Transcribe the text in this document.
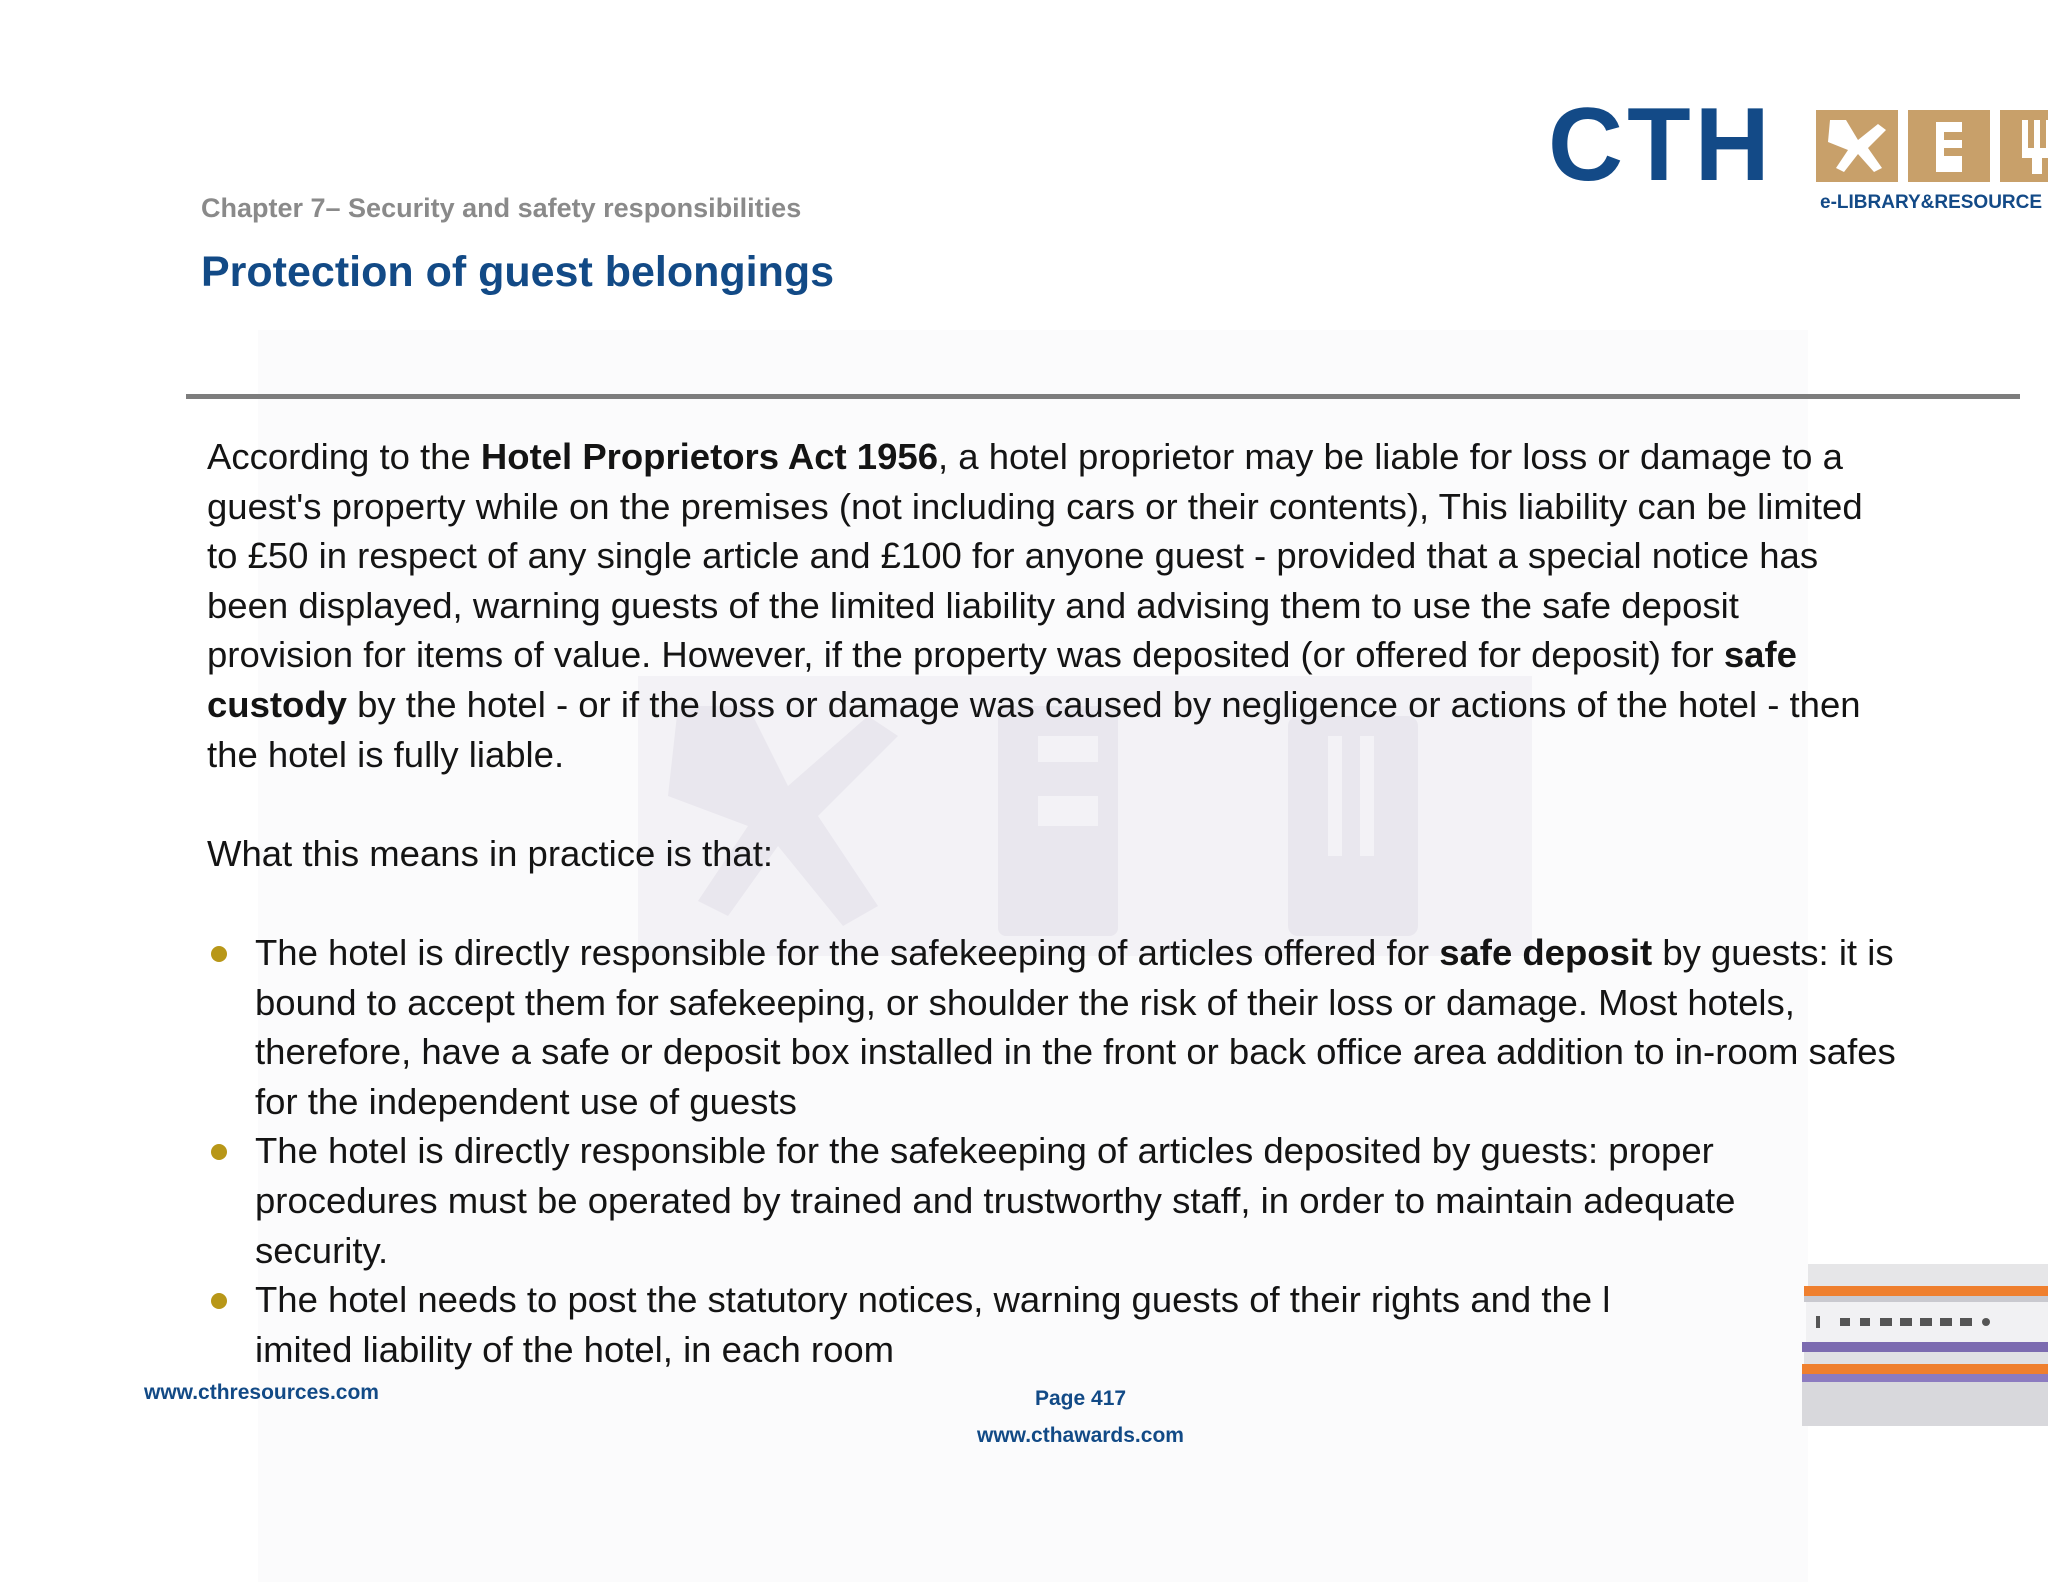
CTH e-LIBRARY&RESOURCE
Chapter 7– Security and safety responsibilities
Protection of guest belongings
According to the Hotel Proprietors Act 1956, a hotel proprietor may be liable for loss or damage to a
guest's property while on the premises (not including cars or their contents), This liability can be limited
to £50 in respect of any single article and £100 for anyone guest - provided that a special notice has
been displayed, warning guests of the limited liability and advising them to use the safe deposit
provision for items of value. However, if the property was deposited (or offered for deposit) for safe
custody by the hotel - or if the loss or damage was caused by negligence or actions of the hotel - then
the hotel is fully liable.
What this means in practice is that:
The hotel is directly responsible for the safekeeping of articles offered for safe deposit by guests: it is
bound to accept them for safekeeping, or shoulder the risk of their loss or damage. Most hotels,
therefore, have a safe or deposit box installed in the front or back office area addition to in-room safes
for the independent use of guests
The hotel is directly responsible for the safekeeping of articles deposited by guests: proper
procedures must be operated by trained and trustworthy staff, in order to maintain adequate
security.
The hotel needs to post the statutory notices, warning guests of their rights and the l
imited liability of the hotel, in each room
www.cthresources.com	Page 417
www.cthawards.com
